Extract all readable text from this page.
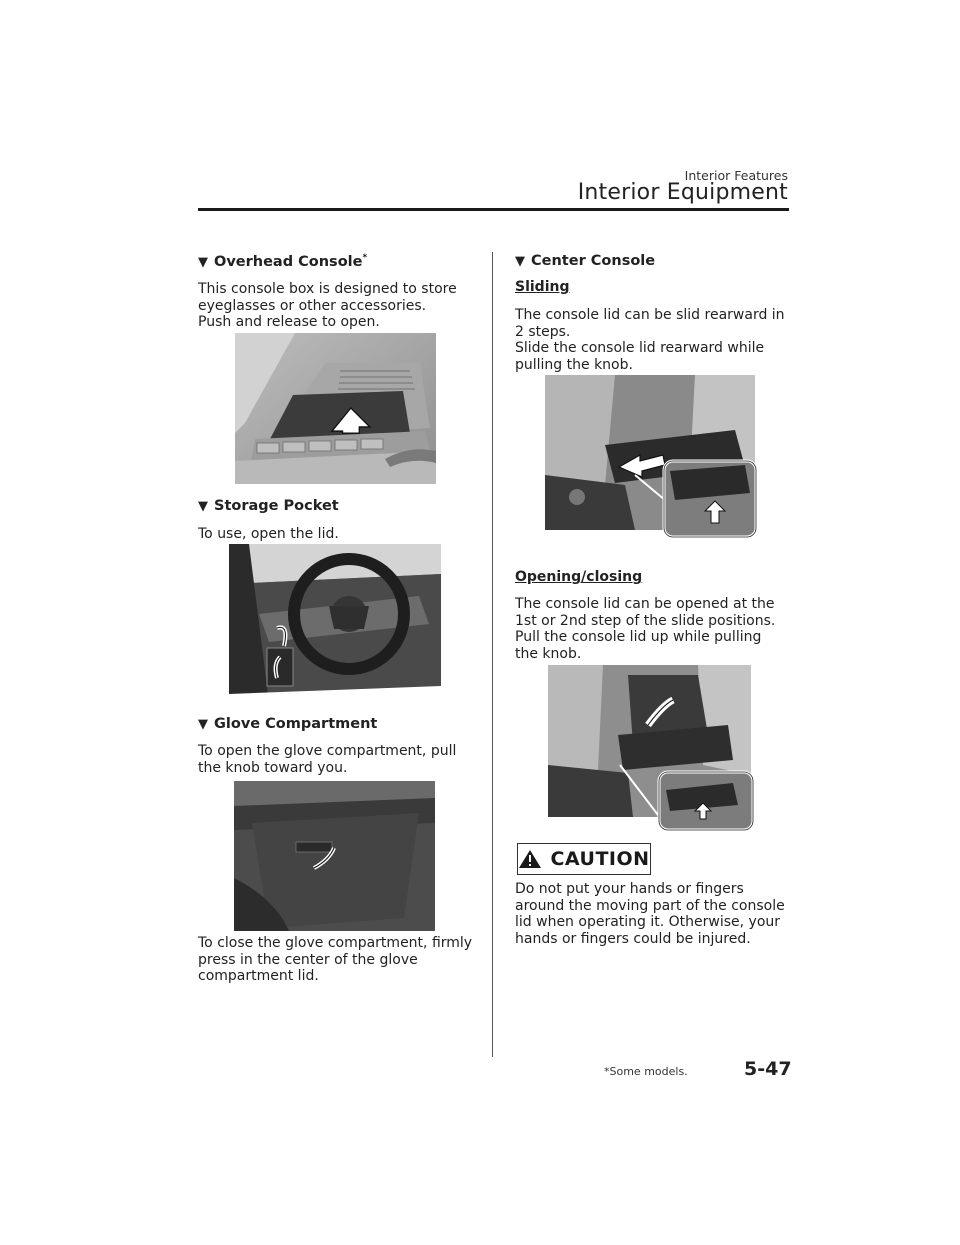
Interior Features
Interior Equipment
▼ Overhead Console*
This console box is designed to store
eyeglasses or other accessories.
Push and release to open.
▼ Storage Pocket
To use, open the lid.
▼ Glove Compartment
To open the glove compartment, pull
the knob toward you.
To close the glove compartment, firmly
press in the center of the glove
compartment lid.
▼ Center Console
Sliding
The console lid can be slid rearward in
2 steps.
Slide the console lid rearward while
pulling the knob.
Opening/closing
The console lid can be opened at the
1st or 2nd step of the slide positions.
Pull the console lid up while pulling
the knob.
CAUTION
Do not put your hands or fingers
around the moving part of the console
lid when operating it. Otherwise, your
hands or fingers could be injured.
*Some models.	5-47
